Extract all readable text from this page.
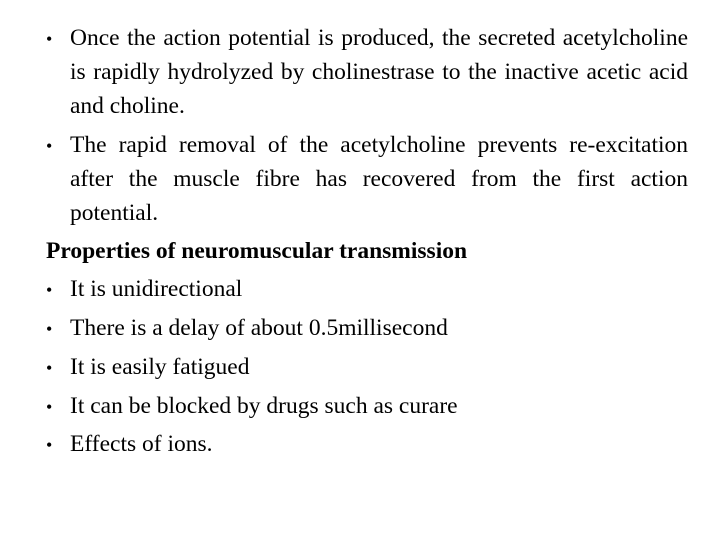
•
Once the action potential is produced, the secreted acetylcholine is rapidly hydrolyzed by cholinestrase to the inactive acetic acid and choline.
•
The rapid removal of the acetylcholine prevents re-excitation after the muscle fibre has recovered from the first action potential.

Properties of neuromuscular transmission

•
It is unidirectional
•
There is a delay of about 0.5millisecond
•
It is easily fatigued
•
It can be blocked by drugs such as curare
•
Effects of ions.
